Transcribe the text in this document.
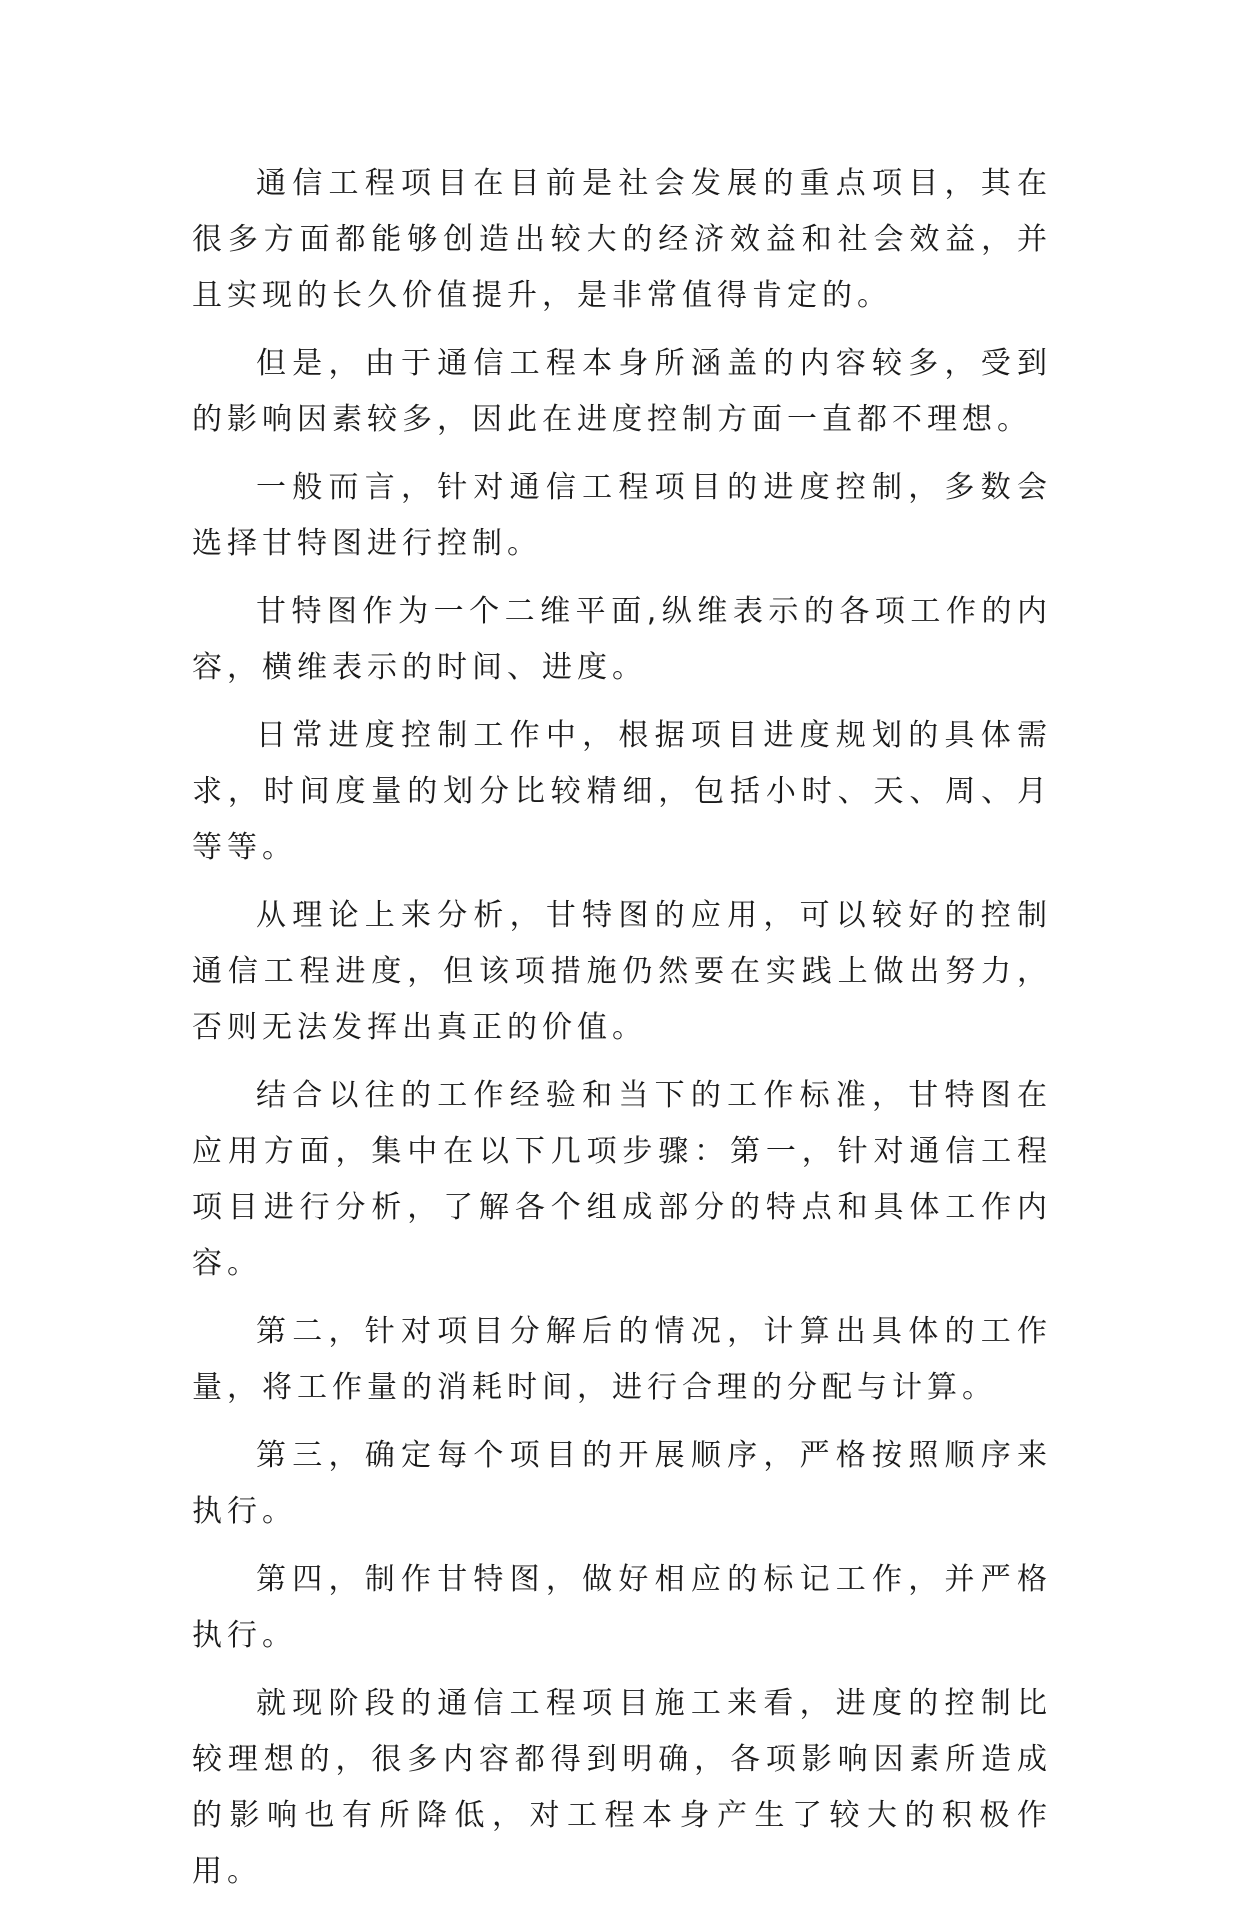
通信工程项目在目前是社会发展的重点项目，其在很多方面都能够创造出较大的经济效益和社会效益，并且实现的长久价值提升，是非常值得肯定的。

但是，由于通信工程本身所涵盖的内容较多，受到的影响因素较多，因此在进度控制方面一直都不理想。

一般而言，针对通信工程项目的进度控制，多数会选择甘特图进行控制。

甘特图作为一个二维平面,纵维表示的各项工作的内容，横维表示的时间、进度。

日常进度控制工作中，根据项目进度规划的具体需求，时间度量的划分比较精细，包括小时、天、周、月等等。

从理论上来分析，甘特图的应用，可以较好的控制通信工程进度，但该项措施仍然要在实践上做出努力，否则无法发挥出真正的价值。

结合以往的工作经验和当下的工作标准，甘特图在应用方面，集中在以下几项步骤：第一，针对通信工程项目进行分析，了解各个组成部分的特点和具体工作内容。

第二，针对项目分解后的情况，计算出具体的工作量，将工作量的消耗时间，进行合理的分配与计算。

第三，确定每个项目的开展顺序，严格按照顺序来执行。

第四，制作甘特图，做好相应的标记工作，并严格执行。

就现阶段的通信工程项目施工来看，进度的控制比较理想的，很多内容都得到明确，各项影响因素所造成的影响也有所降低，对工程本身产生了较大的积极作用。
